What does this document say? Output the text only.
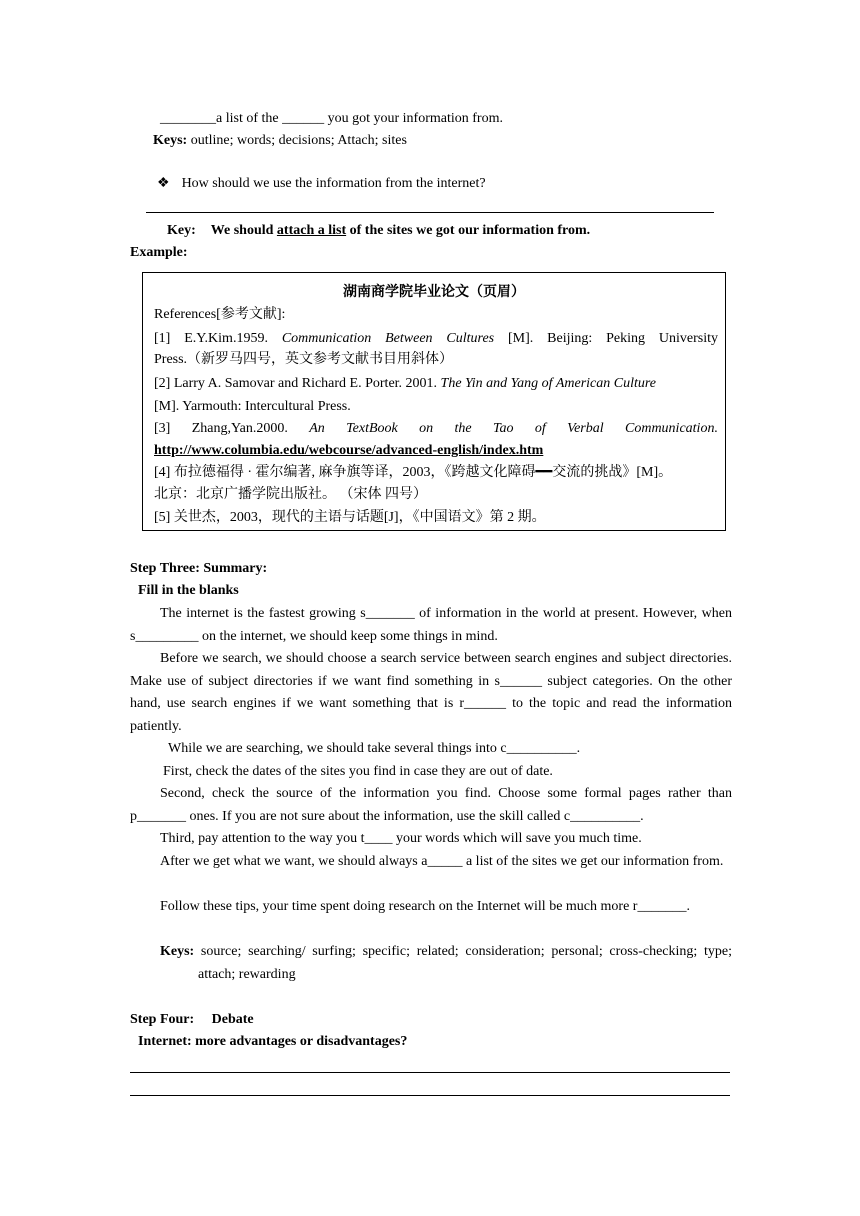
________a list of the ______ you got your information from.
Keys: outline; words; decisions; Attach; sites
❖ How should we use the information from the internet?
Key: We should attach a list of the sites we got our information from.
Example:
湖南商学院毕业论文（页眉）
References[参考文献]:
[1] E.Y.Kim.1959. Communication Between Cultures [M]. Beijing: Peking University
Press.（新罗马四号，英文参考文献书目用斜体）
[2] Larry A. Samovar and Richard E. Porter. 2001. The Yin and Yang of American Culture
[M]. Yarmouth: Intercultural Press.
[3] Zhang,Yan.2000. An TextBook on the Tao of Verbal Communication.
http://www.columbia.edu/webcourse/advanced-english/index.htm
[4] 布拉德福得 · 霍尔编著, 麻争旗等译，2003，《跨越文化障碍━━交流的挑战》[M]。
北京：北京广播学院出版社。 （宋体 四号）
[5] 关世杰，2003，现代的主语与话题[J]，《中国语文》第 2 期。
Step Three: Summary:
Fill in the blanks
The internet is the fastest growing s_______ of information in the world at present. However, when s_________ on the internet, we should keep some things in mind.
Before we search, we should choose a search service between search engines and subject directories. Make use of subject directories if we want find something in s______ subject categories. On the other hand, use search engines if we want something that is r______ to the topic and read the information patiently.
While we are searching, we should take several things into c__________.
First, check the dates of the sites you find in case they are out of date.
Second, check the source of the information you find. Choose some formal pages rather than p_______ ones. If you are not sure about the information, use the skill called c__________.
Third, pay attention to the way you t____ your words which will save you much time.
After we get what we want, we should always a_____ a list of the sites we get our information from.
Follow these tips, your time spent doing research on the Internet will be much more r_______.
Keys: source; searching/ surfing; specific; related; consideration; personal; cross-checking; type; attach; rewarding
Step Four:     Debate
Internet: more advantages or disadvantages?
